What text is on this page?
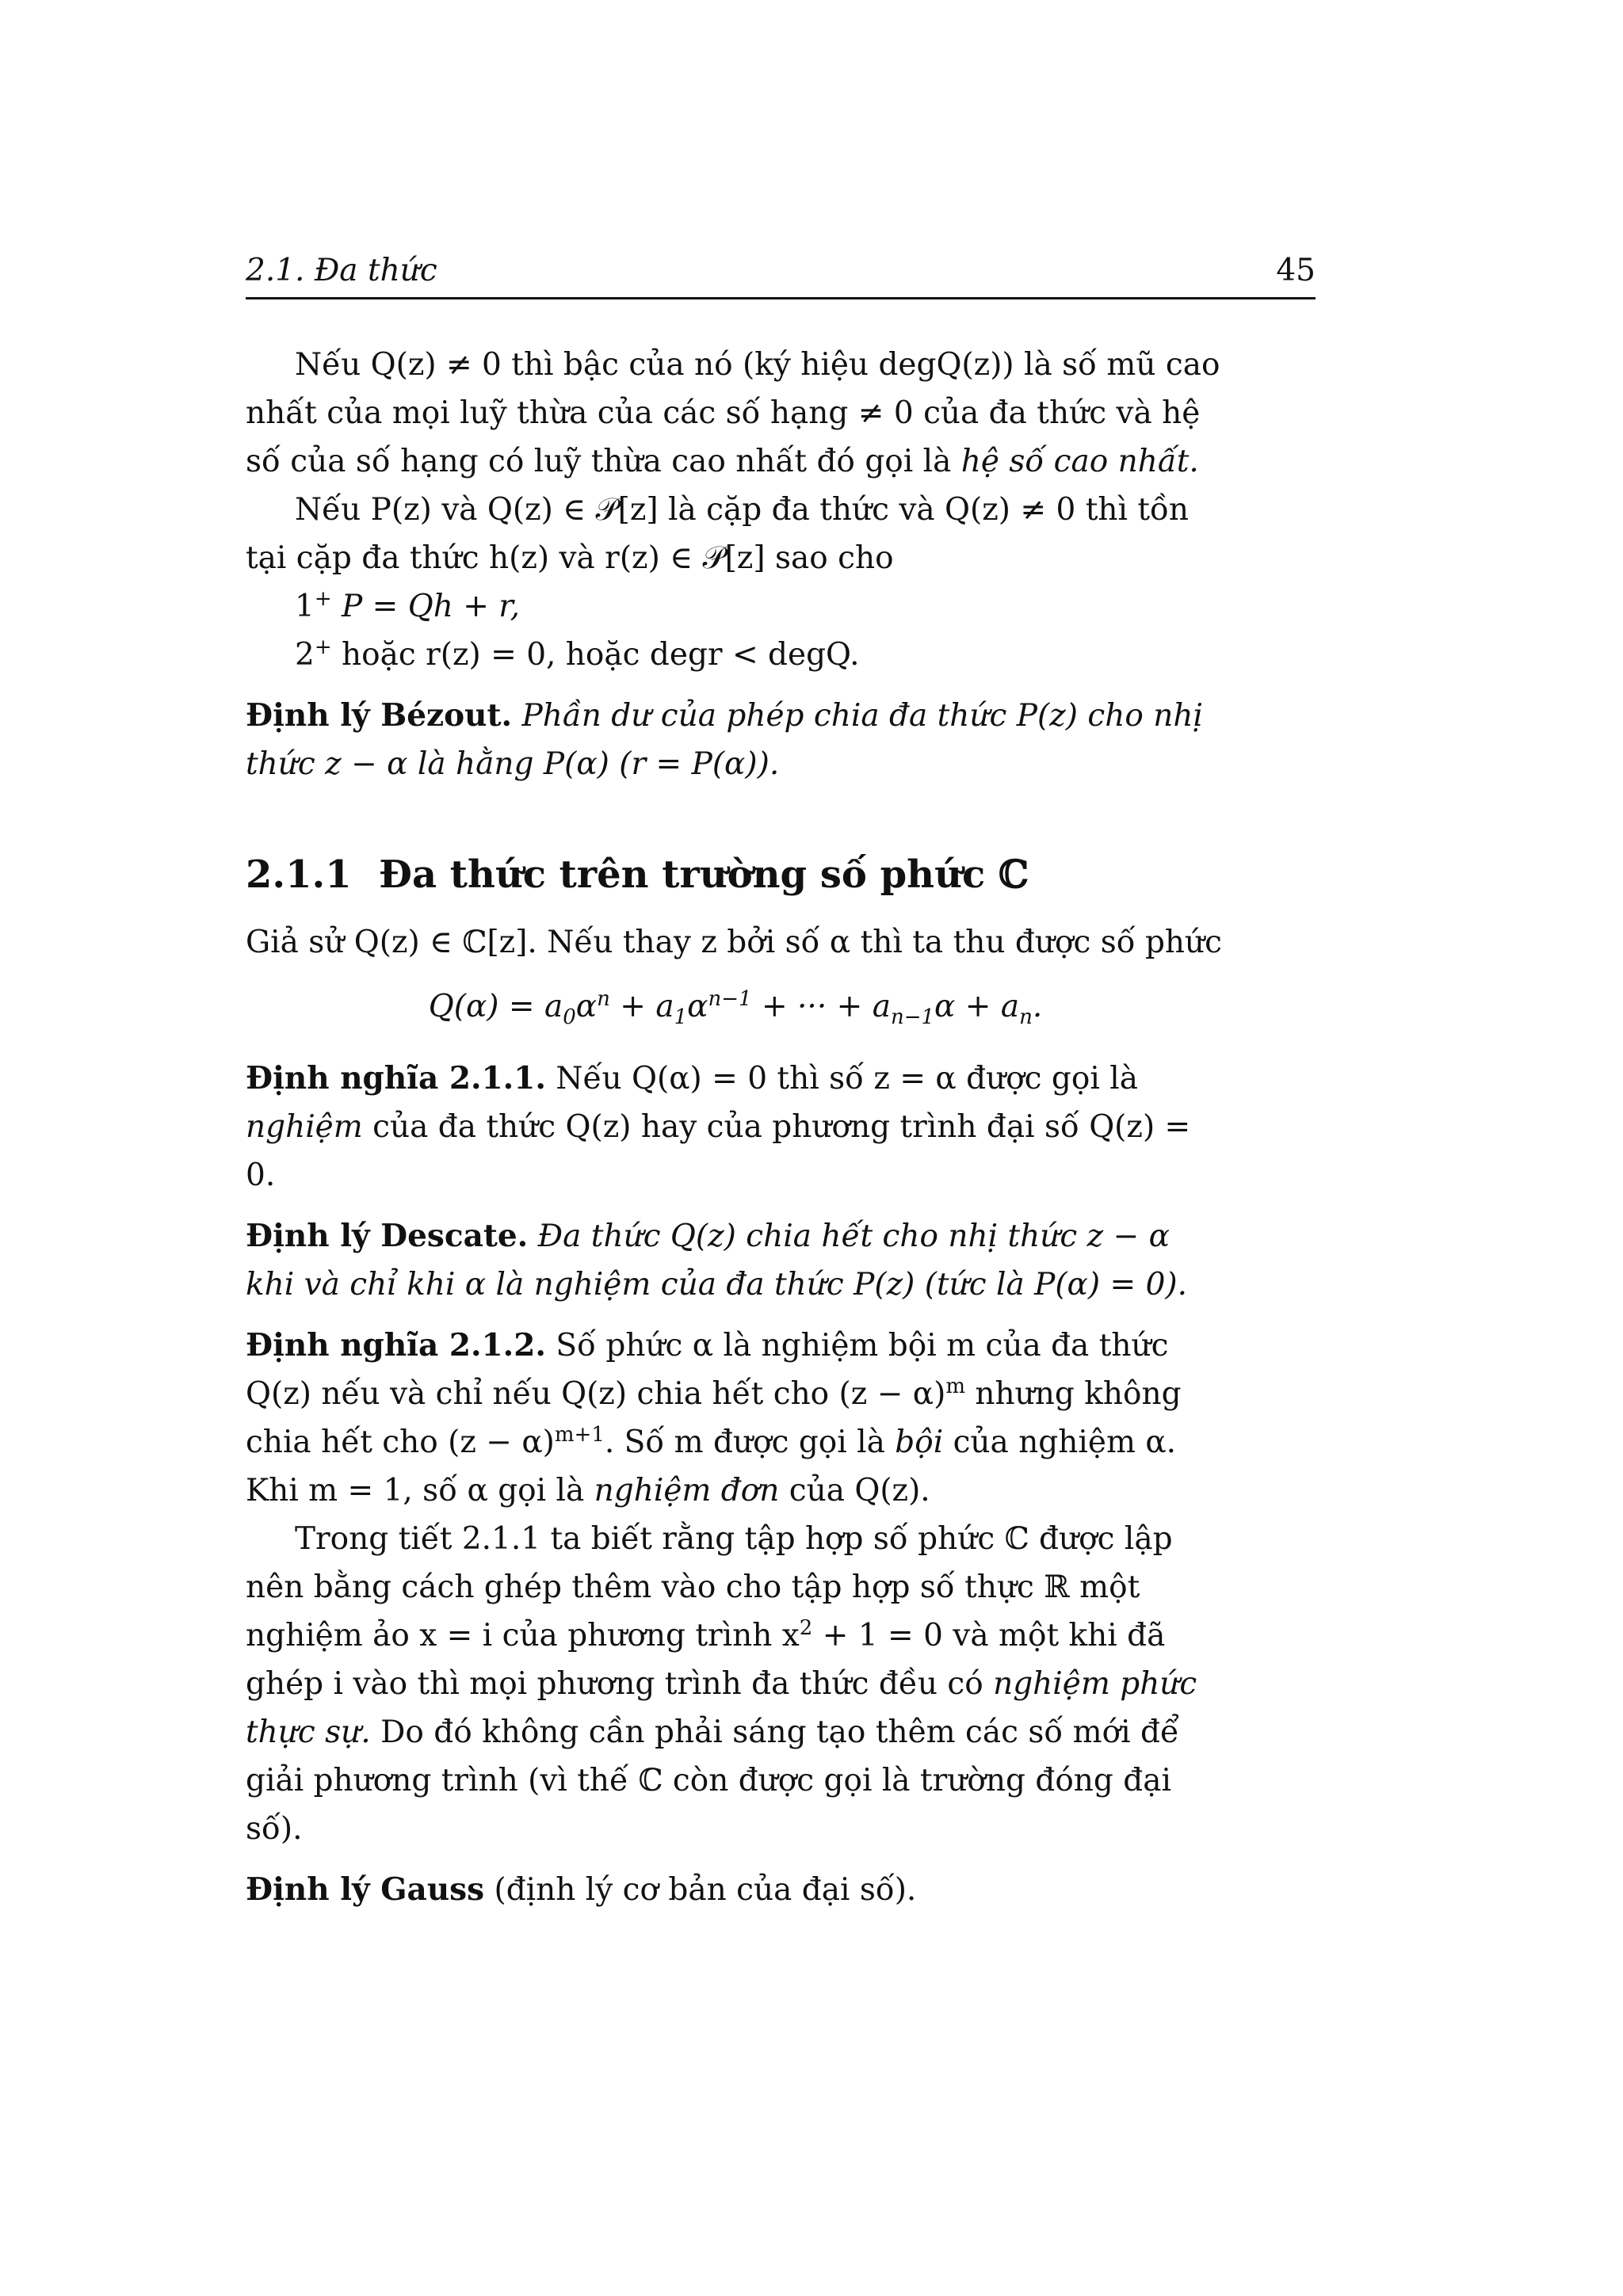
2.1. Đa thức	45

Nếu Q(z) ≠ 0 thì bậc của nó (ký hiệu degQ(z)) là số mũ cao nhất của mọi luỹ thừa của các số hạng ≠ 0 của đa thức và hệ số của số hạng có luỹ thừa cao nhất đó gọi là hệ số cao nhất.

Nếu P(z) và Q(z) ∈ 𝒫[z] là cặp đa thức và Q(z) ≠ 0 thì tồn tại cặp đa thức h(z) và r(z) ∈ 𝒫[z] sao cho

1+ P = Qh + r,

2+ hoặc r(z) = 0, hoặc degr < degQ.

Định lý Bézout. Phần dư của phép chia đa thức P(z) cho nhị thức z − α là hằng P(α) (r = P(α)).

2.1.1 Đa thức trên trường số phức ℂ

Giả sử Q(z) ∈ ℂ[z]. Nếu thay z bởi số α thì ta thu được số phức

$Q(\alpha) = a_0\alpha^n + a_1\alpha^{n-1}$ + ··· + $a_{n-1}\alpha + a_n$.

Định nghĩa 2.1.1. Nếu Q(α) = 0 thì số z = α được gọi là nghiệm của đa thức Q(z) hay của phương trình đại số Q(z) = 0.

Định lý Descate. Đa thức Q(z) chia hết cho nhị thức z − α khi và chỉ khi α là nghiệm của đa thức P(z) (tức là P(α) = 0).

Định nghĩa 2.1.2. Số phức α là nghiệm bội m của đa thức Q(z) nếu và chỉ nếu Q(z) chia hết cho $(z - \alpha)^m$ nhưng không chia hết cho $(z - \alpha)^{m+1}$. Số m được gọi là bội của nghiệm α. Khi m = 1, số α gọi là nghiệm đơn của Q(z).

Trong tiết 2.1.1 ta biết rằng tập hợp số phức ℂ được lập nên bằng cách ghép thêm vào cho tập hợp số thực ℝ một nghiệm ảo x = i của phương trình $x^2 + 1 = 0$ và một khi đã ghép i vào thì mọi phương trình đa thức đều có nghiệm phức thực sự. Do đó không cần phải sáng tạo thêm các số mới để giải phương trình (vì thế ℂ còn được gọi là trường đóng đại số).

Định lý Gauss (định lý cơ bản của đại số).
